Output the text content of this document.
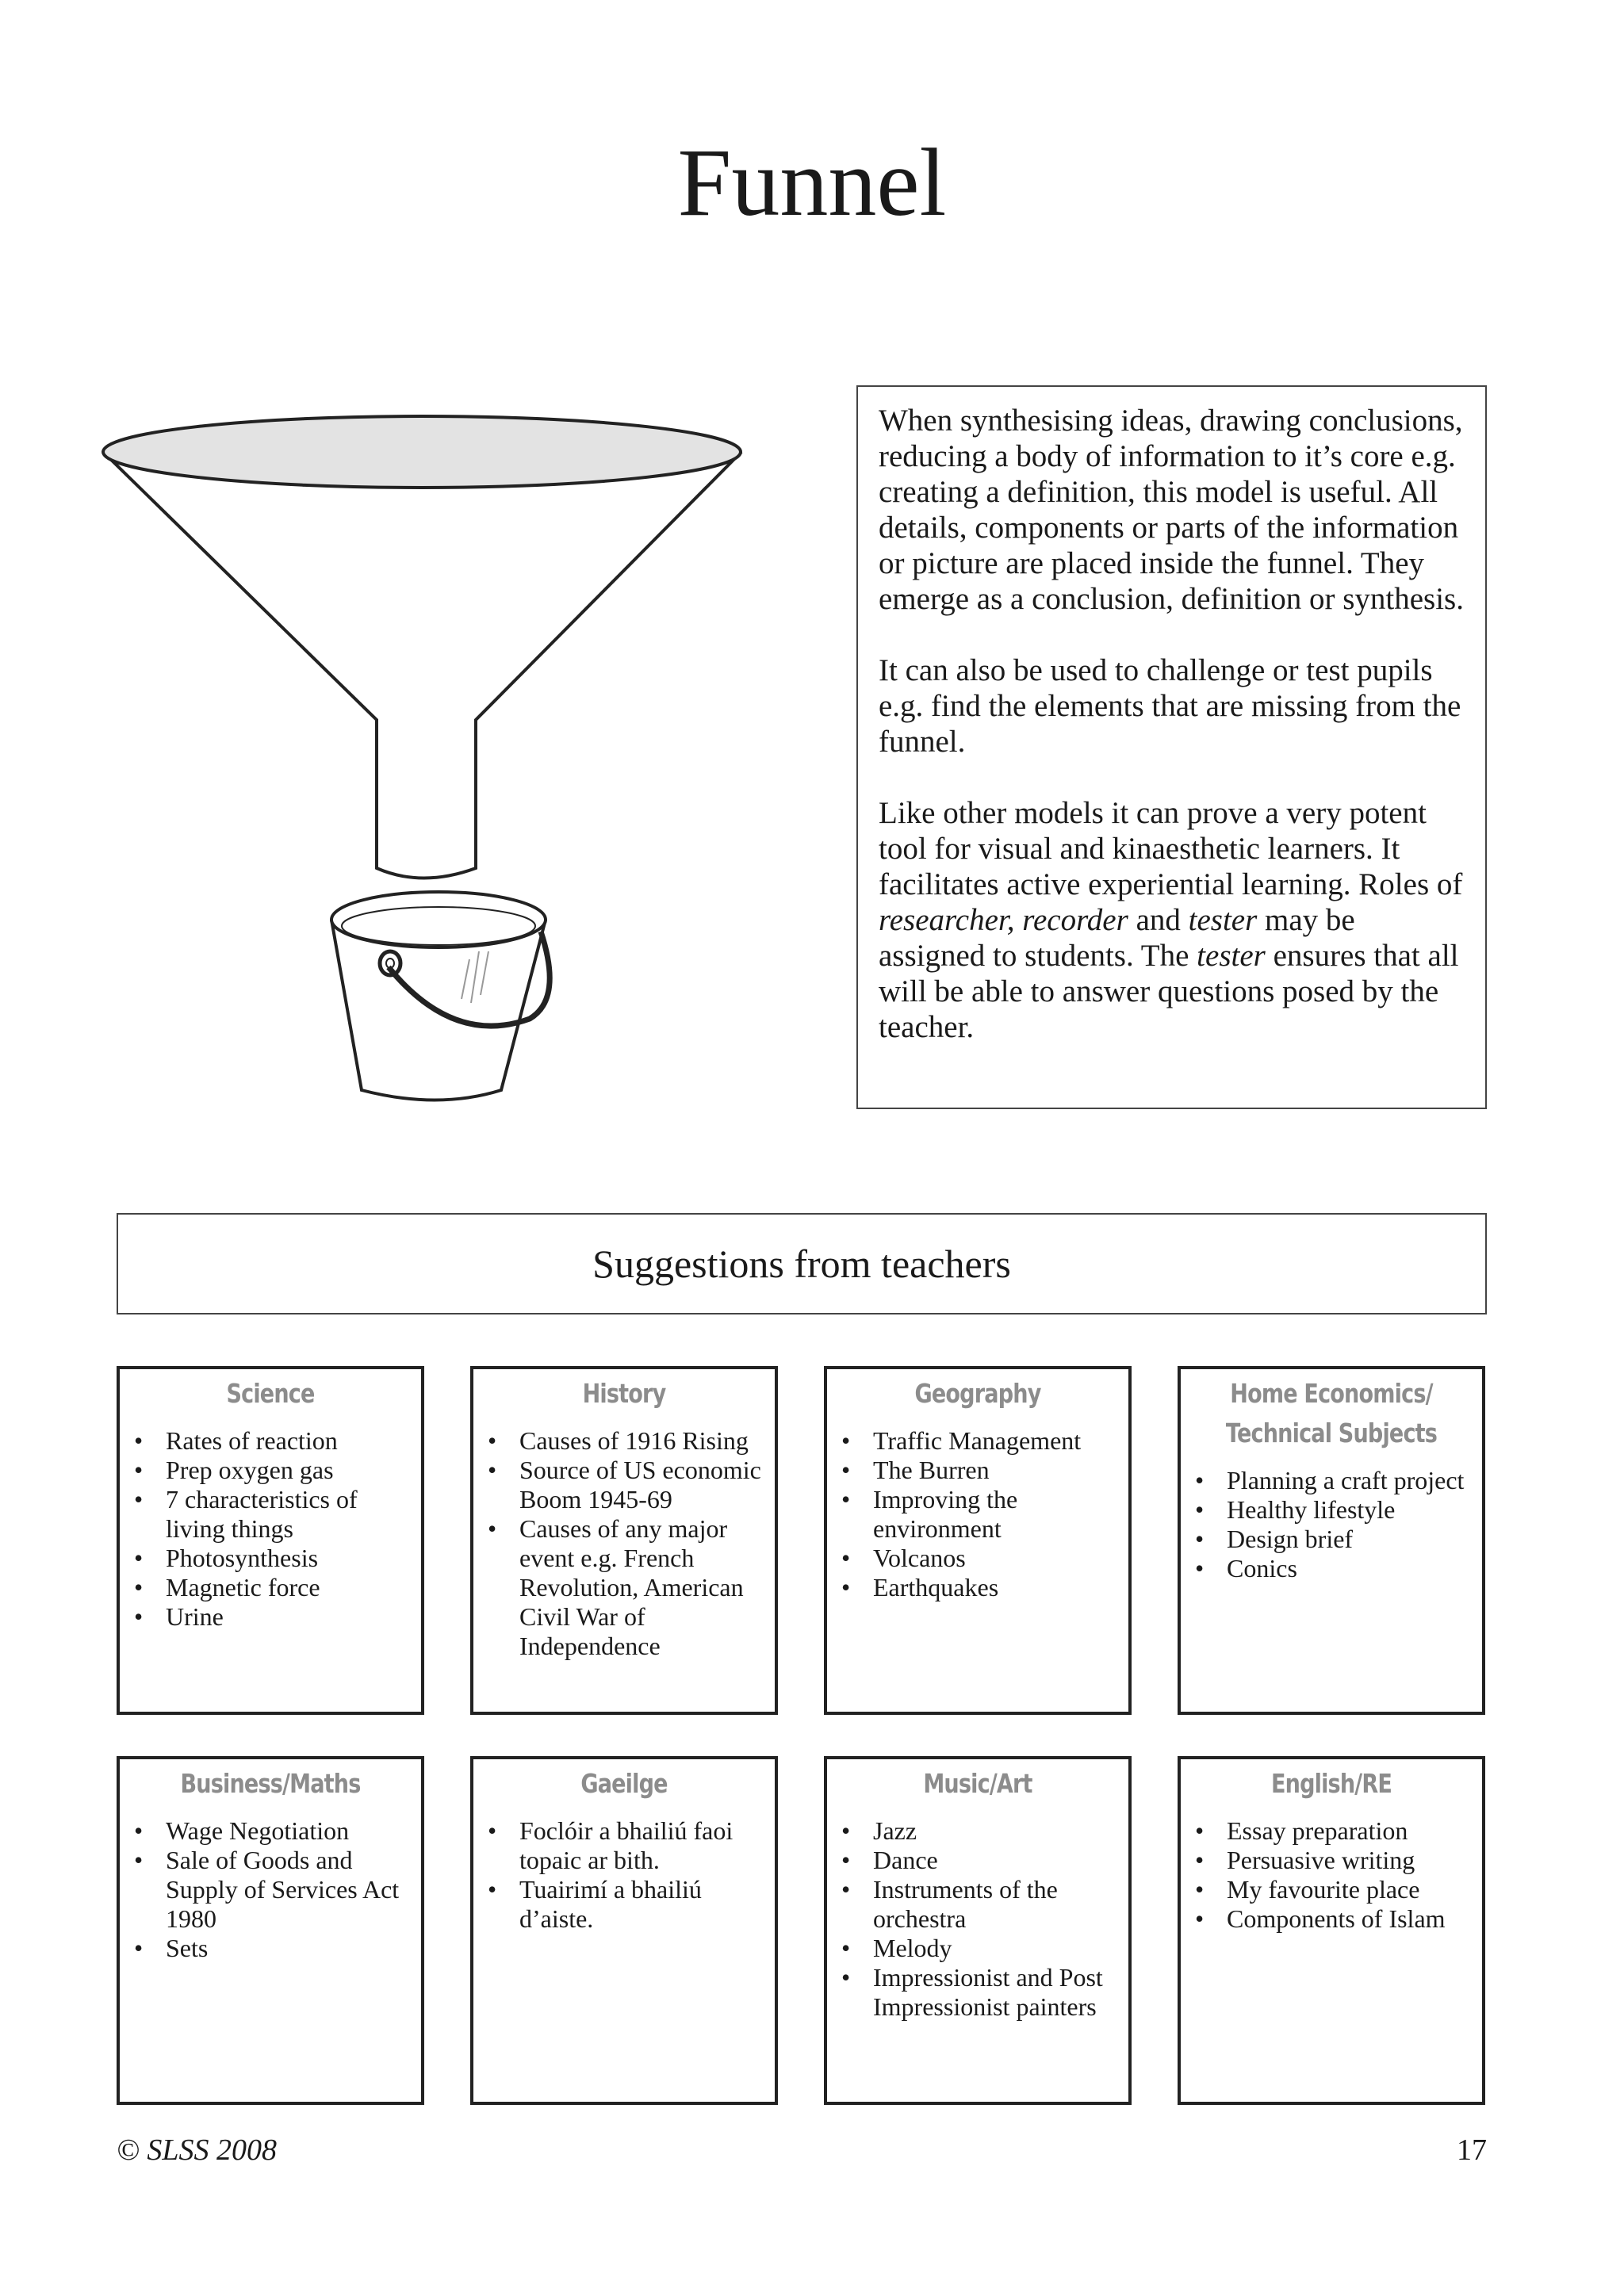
Funnel

When synthesising ideas, drawing conclusions, reducing a body of information to it’s core e.g. creating a definition, this model is useful. All details, components or parts of the information or picture are placed inside the funnel. They emerge as a conclusion, definition or synthesis.

It can also be used to challenge or test pupils e.g. find the elements that are missing from the funnel.

Like other models it can prove a very potent tool for visual and kinaesthetic learners. It facilitates active experiential learning. Roles of researcher, recorder and tester may be assigned to students. The tester ensures that all will be able to answer questions posed by the teacher.

Suggestions from teachers
Science
• Rates of reaction
• Prep oxygen gas
• 7 characteristics of living things
• Photosynthesis
• Magnetic force
• Urine
History
• Causes of 1916 Rising
• Source of US economic Boom 1945-69
• Causes of any major event e.g. French Revolution, American Civil War of Independence
Geography
• Traffic Management
• The Burren
• Improving the environment
• Volcanos
• Earthquakes
Home Economics/
Technical Subjects
• Planning a craft project
• Healthy lifestyle
• Design brief
• Conics
Business/Maths
• Wage Negotiation
• Sale of Goods and Supply of Services Act 1980
• Sets
Gaeilge
• Foclóir a bhailiú faoi topaic ar bith.
• Tuairimí a bhailiú d’aiste.
Music/Art
• Jazz
• Dance
• Instruments of the orchestra
• Melody
• Impressionist and Post Impressionist painters
English/RE
• Essay preparation
• Persuasive writing
• My favourite place
• Components of Islam
© SLSS 2008	17
